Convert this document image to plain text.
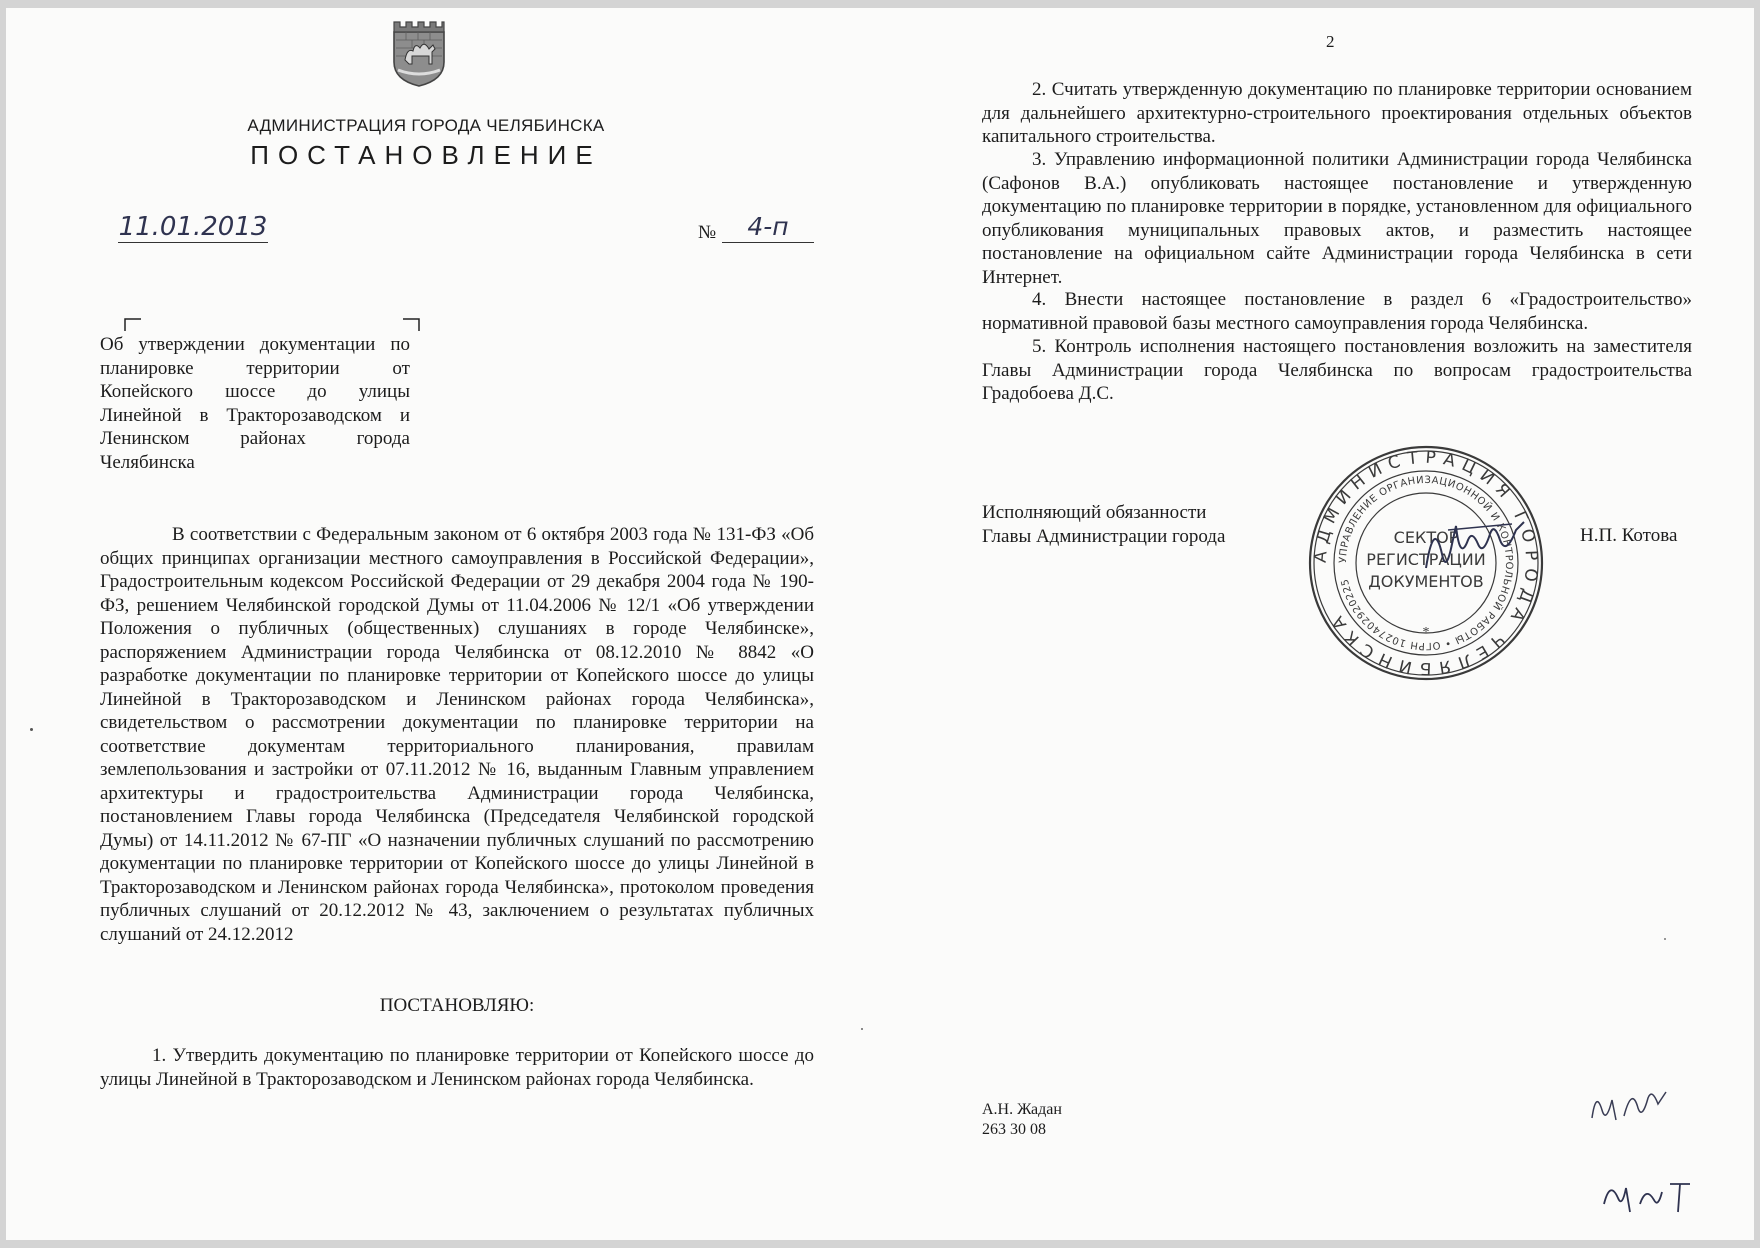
АДМИНИСТРАЦИЯ ГОРОДА ЧЕЛЯБИНСКА
ПОСТАНОВЛЕНИЕ
11.01.2013	№	4-п
Об утверждении документации по планировке территории от Копейского шоссе до улицы Линейной в Тракторозаводском и Ленинском районах города Челябинска
В соответствии с Федеральным законом от 6 октября 2003 года № 131-ФЗ «Об общих принципах организации местного самоуправления в Российской Федерации», Градостроительным кодексом Российской Федерации от 29 декабря 2004 года № 190-ФЗ, решением Челябинской городской Думы от 11.04.2006 № 12/1 «Об утверждении Положения о публичных (общественных) слушаниях в городе Челябинске», распоряжением Администрации города Челябинска от 08.12.2010 № 8842 «О разработке документации по планировке территории от Копейского шоссе до улицы Линейной в Тракторозаводском и Ленинском районах города Челябинска», свидетельством о рассмотрении документации по планировке территории на соответствие документам территориального планирования, правилам землепользования и застройки от 07.11.2012 № 16, выданным Главным управлением архитектуры и градостроительства Администрации города Челябинска, постановлением Главы города Челябинска (Председателя Челябинской городской Думы) от 14.11.2012 № 67-ПГ «О назначении публичных слушаний по рассмотрению документации по планировке территории от Копейского шоссе до улицы Линейной в Тракторозаводском и Ленинском районах города Челябинска», протоколом проведения публичных слушаний от 20.12.2012 № 43, заключением о результатах публичных слушаний от 24.12.2012
ПОСТАНОВЛЯЮ:
1. Утвердить документацию по планировке территории от Копейского шоссе до улицы Линейной в Тракторозаводском и Ленинском районах города Челябинска.
2
2. Считать утвержденную документацию по планировке территории основанием для дальнейшего архитектурно-строительного проектирования отдельных объектов капитального строительства.
3. Управлению информационной политики Администрации города Челябинска (Сафонов В.А.) опубликовать настоящее постановление и утвержденную документацию по планировке территории в порядке, установленном для официального опубликования муниципальных правовых актов, и разместить настоящее постановление на официальном сайте Администрации города Челябинска в сети Интернет.
4. Внести настоящее постановление в раздел 6 «Градостроительство» нормативной правовой базы местного самоуправления города Челябинска.
5. Контроль исполнения настоящего постановления возложить на заместителя Главы Администрации города Челябинска по вопросам градостроительства Градобоева Д.С.
Исполняющий обязанности
Главы Администрации города	Н.П. Котова
АДМИНИСТРАЦИЯ ГОРОДА ЧЕЛЯБИНСКА
УПРАВЛЕНИЕ ОРГАНИЗАЦИОННОЙ И КОНТРОЛЬНОЙ РАБОТЫ • ОГРН 1027402920225
СЕКТОР
РЕГИСТРАЦИИ
ДОКУМЕНТОВ
*
А.Н. Жадан
263 30 08
